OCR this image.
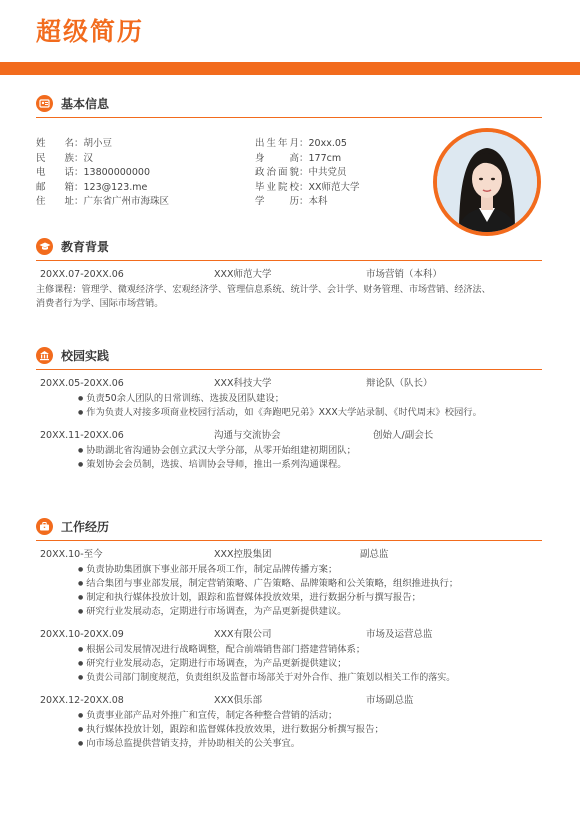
超级简历
基本信息
姓名：胡小豆
民族：汉
电话：13800000000
邮箱：123@123.me
住址：广东省广州市海珠区
出生年月：20xx.05
身高：177cm
政治面貌：中共党员
毕业院校：XX师范大学
学历：本科
教育背景
20XX.07-20XX.06	XXX师范大学	市场营销（本科）
主修课程：管理学、微观经济学、宏观经济学、管理信息系统、统计学、会计学、财务管理、市场营销、经济法、
消费者行为学、国际市场营销。
校园实践
20XX.05-20XX.06	XXX科技大学	辩论队（队长）
● 负责50余人团队的日常训练、选拔及团队建设；
● 作为负责人对接多项商业校园行活动，如《奔跑吧兄弟》XXX大学站录制、《时代周末》校园行。
20XX.11-20XX.06	沟通与交流协会	创始人/副会长
● 协助湖北省沟通协会创立武汉大学分部，从零开始组建初期团队；
● 策划协会会员制，选拔、培训协会导师，推出一系列沟通课程。
工作经历
20XX.10-至今	XXX控股集团	副总监
● 负责协助集团旗下事业部开展各项工作，制定品牌传播方案；
● 结合集团与事业部发展，制定营销策略、广告策略、品牌策略和公关策略，组织推进执行；
● 制定和执行媒体投放计划，跟踪和监督媒体投放效果，进行数据分析与撰写报告；
● 研究行业发展动态，定期进行市场调查，为产品更新提供建议。
20XX.10-20XX.09	XXX有限公司	市场及运营总监
● 根据公司发展情况进行战略调整，配合前端销售部门搭建营销体系；
● 研究行业发展动态，定期进行市场调查，为产品更新提供建议；
● 负责公司部门制度规范，负责组织及监督市场部关于对外合作、推广策划以相关工作的落实。
20XX.12-20XX.08	XXX俱乐部	市场副总监
● 负责事业部产品对外推广和宣传，制定各种整合营销的活动；
● 执行媒体投放计划，跟踪和监督媒体投放效果，进行数据分析撰写报告；
● 向市场总监提供营销支持，并协助相关的公关事宜。
